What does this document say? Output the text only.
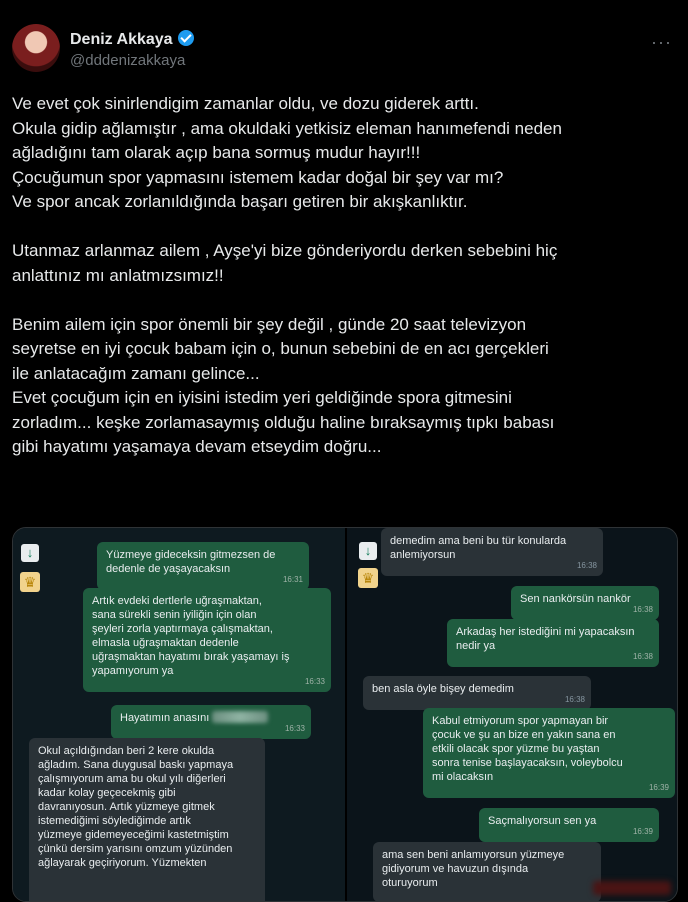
Deniz Akkaya
@dddenizakkaya
···
Ve evet çok sinirlendigim zamanlar oldu, ve dozu giderek arttı.
Okula gidip ağlamıştır , ama okuldaki yetkisiz eleman hanımefendi neden
ağladığını tam olarak açıp bana sormuş mudur hayır!!!
Çocuğumun spor yapmasını istemem kadar doğal bir şey var mı?
Ve spor ancak zorlanıldığında başarı getiren bir akışkanlıktır.
Utanmaz arlanmaz ailem , Ayşe'yi bize gönderiyordu derken sebebini hiç
anlattınız mı anlatmızsımız!!
Benim ailem için spor önemli bir şey değil , günde 20 saat televizyon
seyretse en iyi çocuk babam için o, bunun sebebini de en acı gerçekleri
ile anlatacağım zamanı gelince...
Evet çocuğum için en iyisini istedim yeri geldiğinde spora gitmesini
zorladım... keşke zorlamasaymış olduğu haline bıraksaymış tıpkı babası
gibi hayatımı yaşamaya devam etseydim doğru...
↓
♛
Yüzmeye gideceksin gitmezsen de
dedenle de yaşayacaksın
16:31
Artık evdeki dertlerle uğraşmaktan,
sana sürekli senin iyiliğin için olan
şeyleri zorla yaptırmaya çalışmaktan,
elmasla uğraşmaktan dedenle
uğraşmaktan hayatımı bırak yaşamayı iş
yapamıyorum ya
16:33
Hayatımın anasını
16:33
Okul açıldığından beri 2 kere okulda
ağladım. Sana duygusal baskı yapmaya
çalışmıyorum ama bu okul yılı diğerleri
kadar kolay geçecekmiş gibi
davranıyosun. Artık yüzmeye gitmek
istemediğimi söylediğimde artık
yüzmeye gidemeyeceğimi kastetmiştim
çünkü dersim yarısını omzum yüzünden
ağlayarak geçiriyorum. Yüzmekten
↓
♛
demedim ama beni bu tür konularda
anlemiyorsun
16:38
Sen nankörsün nankör
16:38
Arkadaş her istediğini mi yapacaksın
nedir ya
16:38
ben asla öyle bişey demedim
16:38
Kabul etmiyorum spor yapmayan bir
çocuk ve şu an bize en yakın sana en
etkili olacak spor yüzme bu yaştan
sonra tenise başlayacaksın, voleybolcu
mi olacaksın
16:39
Saçmalıyorsun sen ya
16:39
ama sen beni anlamıyorsun yüzmeye
gidiyorum ve havuzun dışında
oturuyorum
